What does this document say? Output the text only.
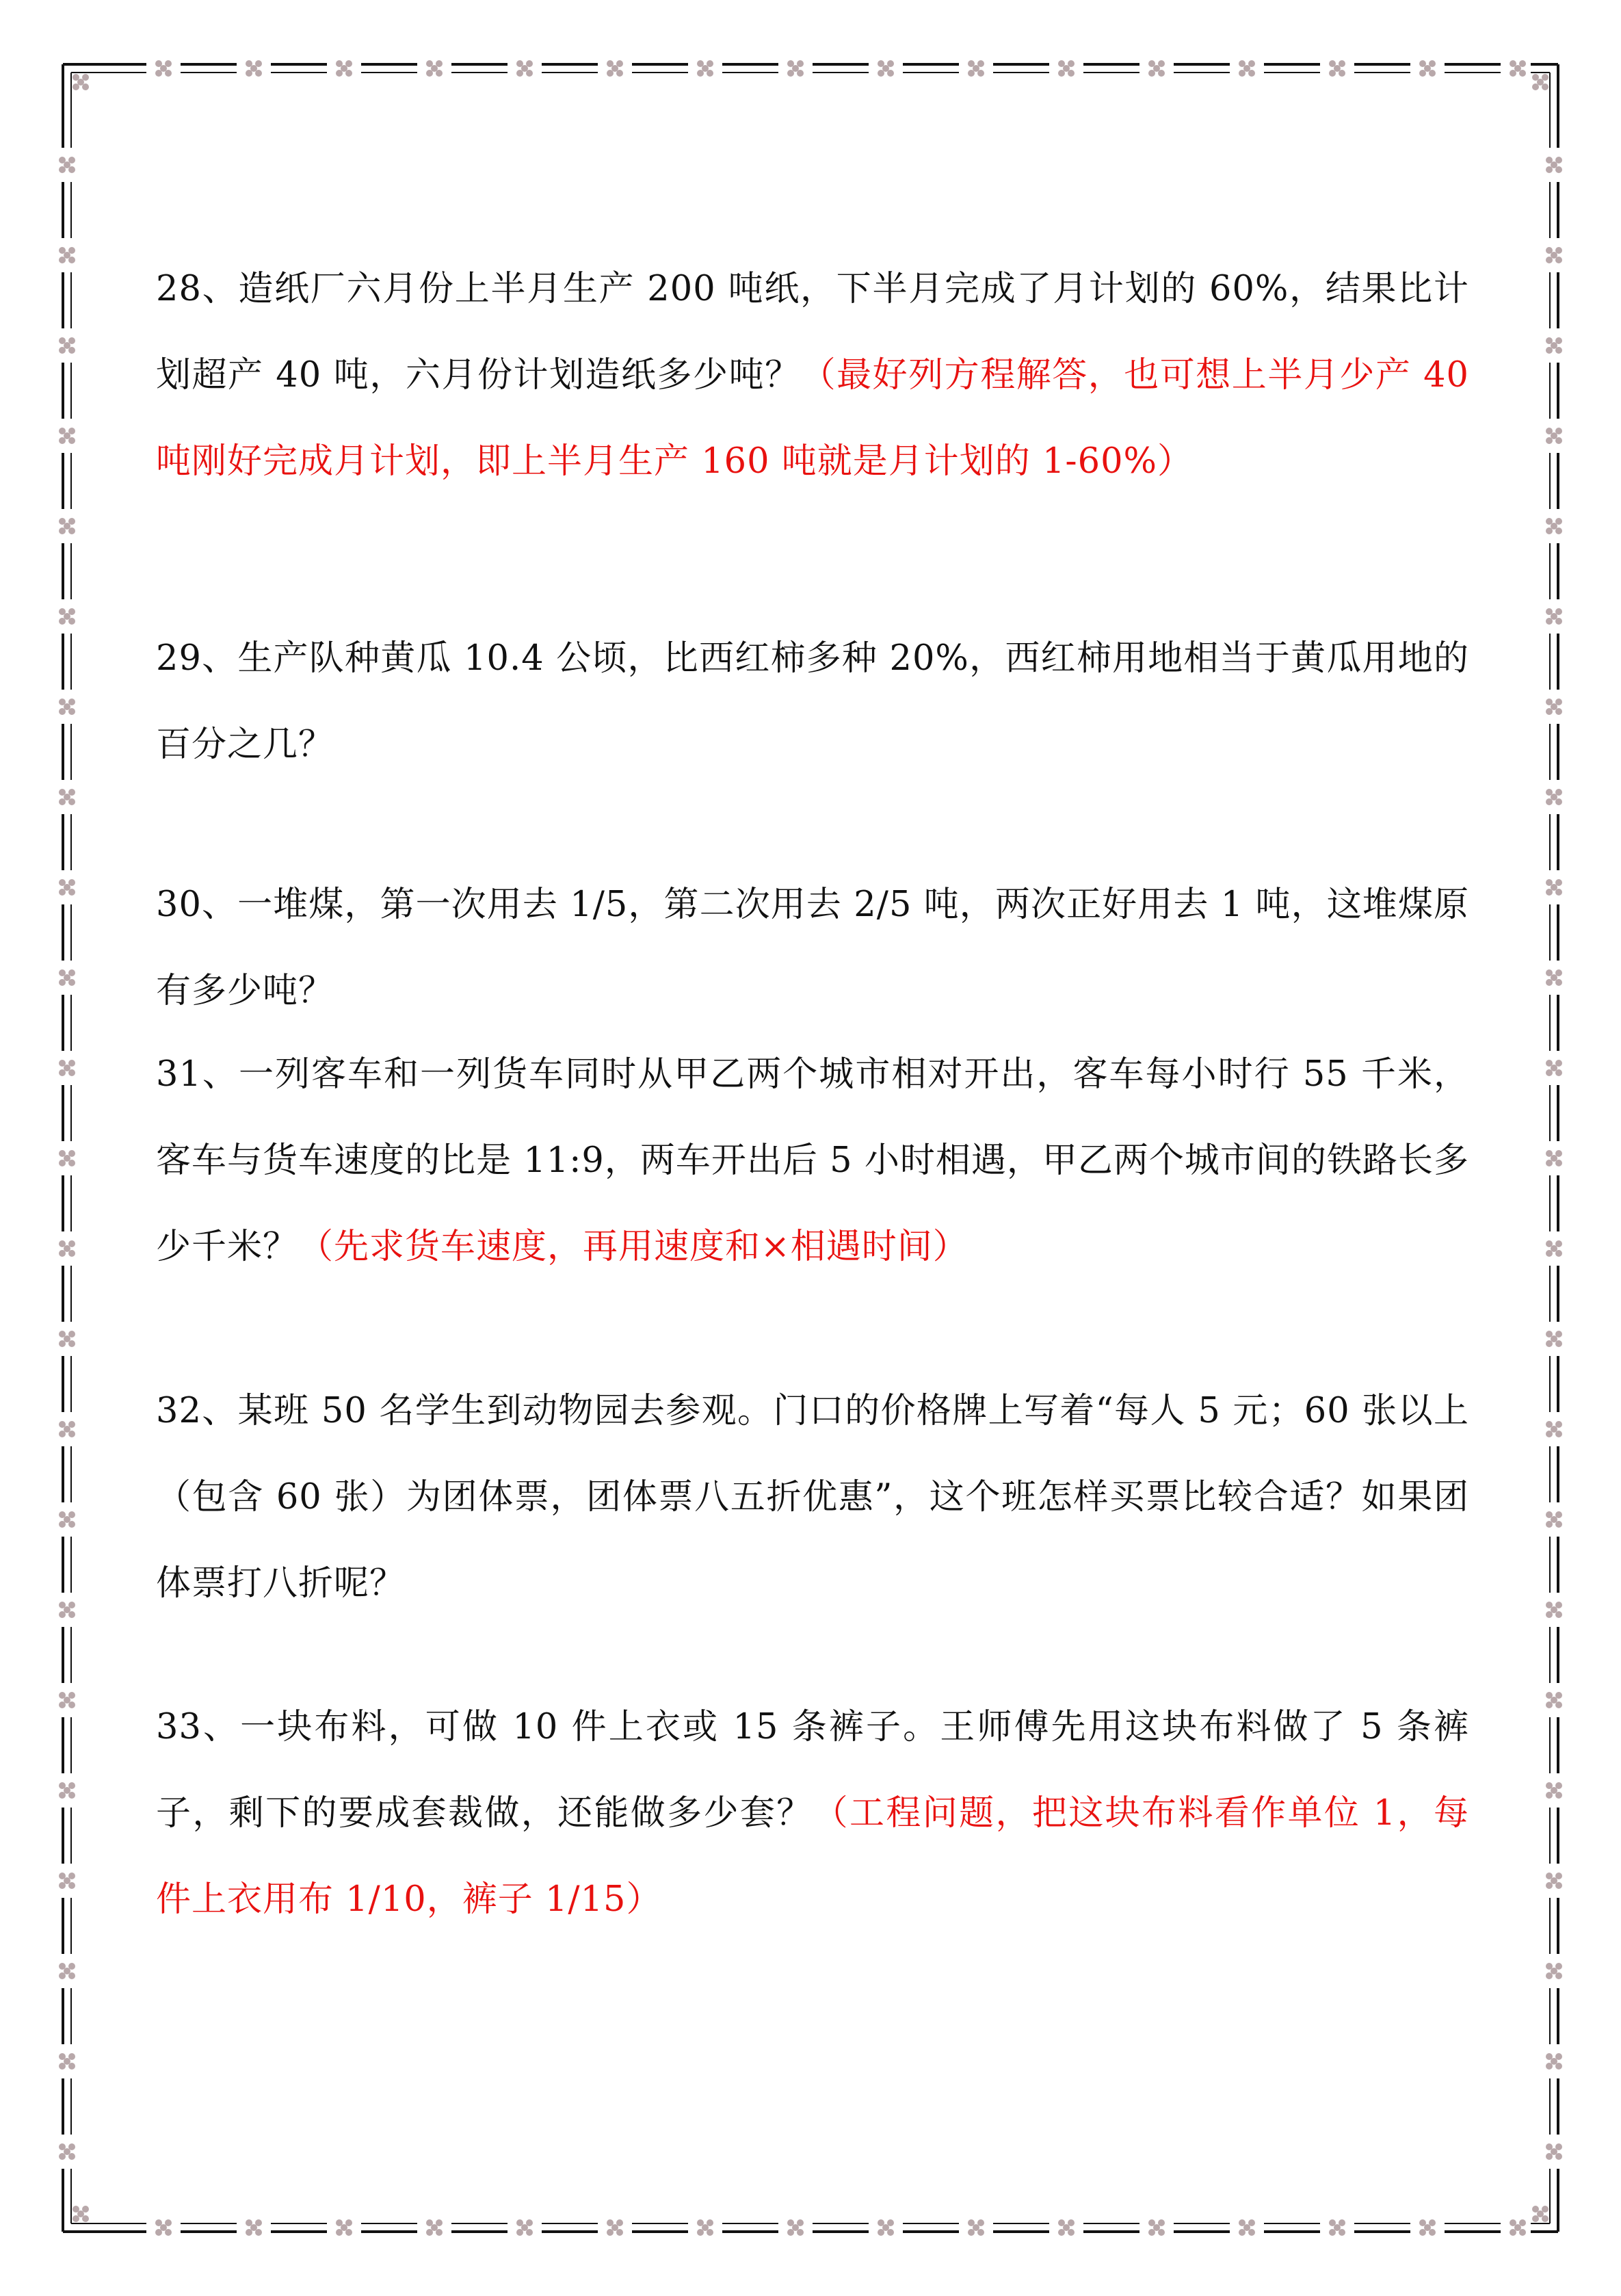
28、造纸厂六月份上半月生产 200 吨纸，下半月完成了月计划的 60%，结果比计划超产 40 吨，六月份计划造纸多少吨？（最好列方程解答，也可想上半月少产 40 吨刚好完成月计划，即上半月生产 160 吨就是月计划的 1-60%）
29、生产队种黄瓜 10.4 公顷，比西红柿多种 20%，西红柿用地相当于黄瓜用地的百分之几？
30、一堆煤，第一次用去 1/5，第二次用去 2/5 吨，两次正好用去 1 吨，这堆煤原有多少吨？
31、一列客车和一列货车同时从甲乙两个城市相对开出，客车每小时行 55 千米，客车与货车速度的比是 11:9，两车开出后 5 小时相遇，甲乙两个城市间的铁路长多少千米？（先求货车速度，再用速度和×相遇时间）
32、某班 50 名学生到动物园去参观。门口的价格牌上写着“每人 5 元；60 张以上（包含 60 张）为团体票，团体票八五折优惠”，这个班怎样买票比较合适？如果团体票打八折呢？
33、一块布料，可做 10 件上衣或 15 条裤子。王师傅先用这块布料做了 5 条裤子，剩下的要成套裁做，还能做多少套？（工程问题，把这块布料看作单位 1，每件上衣用布 1/10，裤子 1/15）
